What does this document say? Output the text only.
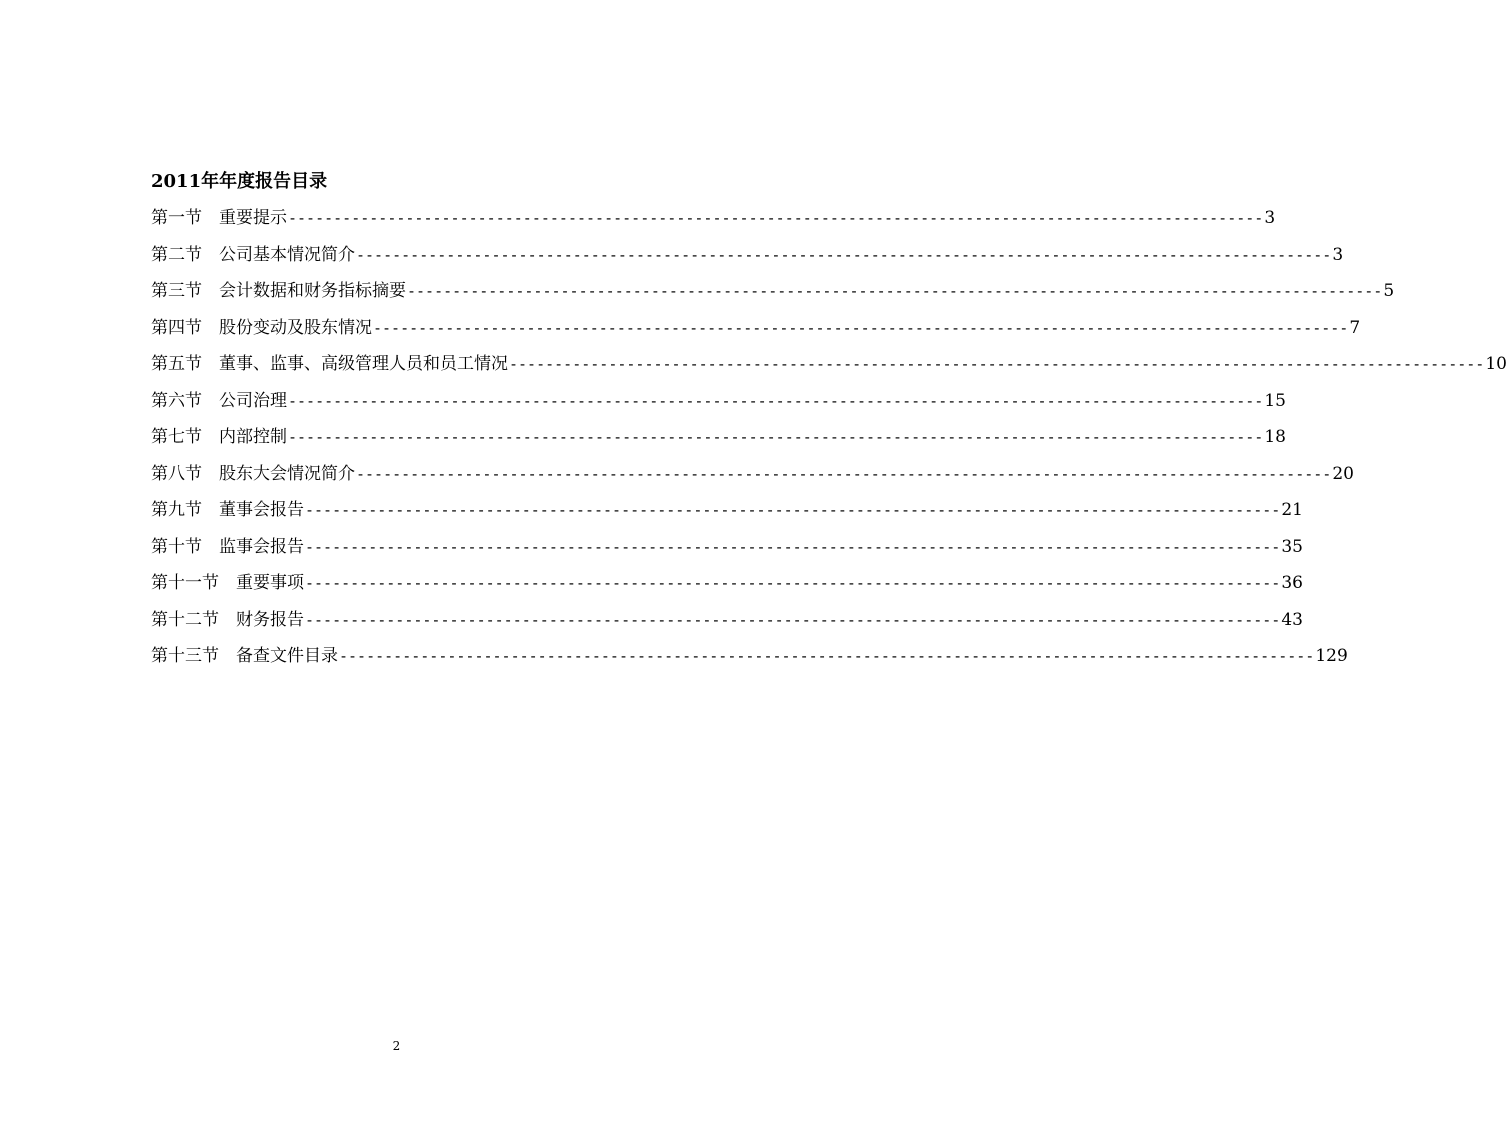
2011年年度报告目录
第一节 重要提示 ------------------------------------------------------------------------------------------------------------ 3
第二节 公司基本情况简介 ------------------------------------------------------------------------------------------------------------ 3
第三节 会计数据和财务指标摘要 ------------------------------------------------------------------------------------------------------------ 5
第四节 股份变动及股东情况 ------------------------------------------------------------------------------------------------------------ 7
第五节 董事、监事、高级管理人员和员工情况 ------------------------------------------------------------------------------------------------------------ 10
第六节 公司治理 ------------------------------------------------------------------------------------------------------------ 15
第七节 内部控制 ------------------------------------------------------------------------------------------------------------ 18
第八节 股东大会情况简介 ------------------------------------------------------------------------------------------------------------ 20
第九节 董事会报告 ------------------------------------------------------------------------------------------------------------ 21
第十节 监事会报告 ------------------------------------------------------------------------------------------------------------ 35
第十一节 重要事项 ------------------------------------------------------------------------------------------------------------ 36
第十二节 财务报告 ------------------------------------------------------------------------------------------------------------ 43
第十三节 备查文件目录 ------------------------------------------------------------------------------------------------------------ 129
2
